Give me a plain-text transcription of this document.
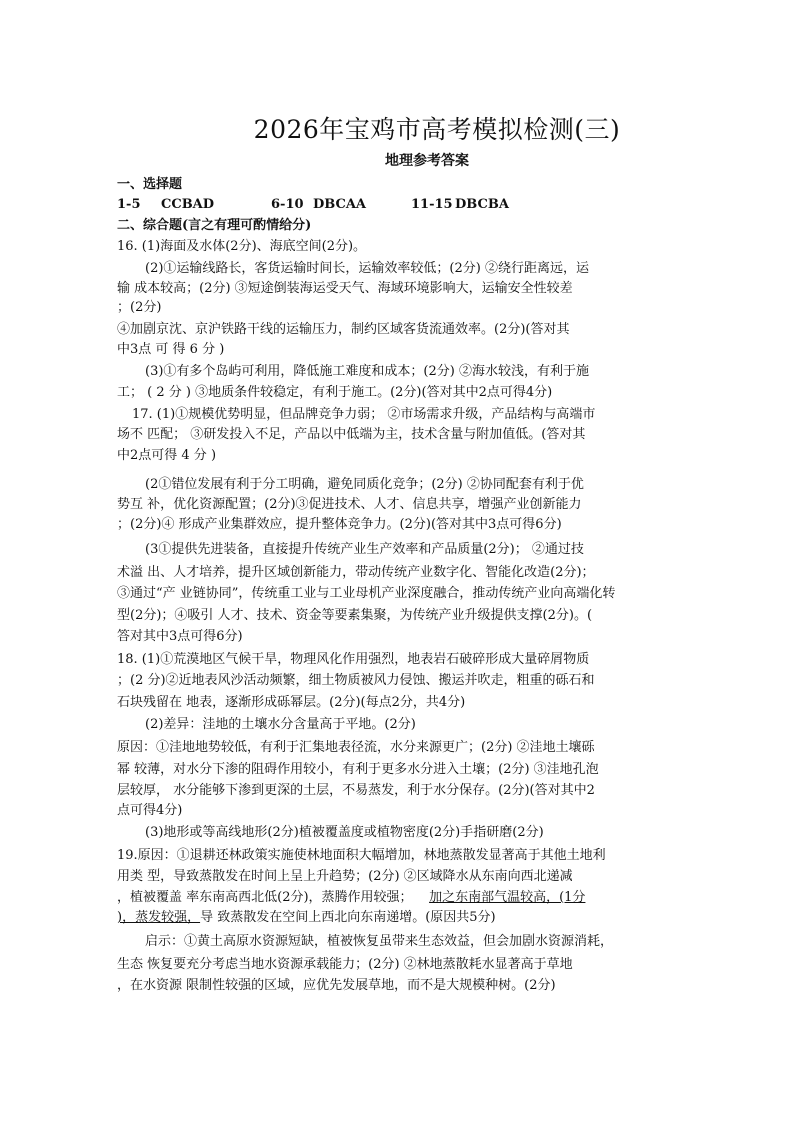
2026年宝鸡市高考模拟检测(三)
地理参考答案
一、选择题
1-5 CCBAD	6-10 DBCAA	11-15 DBCBA
二、综合题(言之有理可酌情给分)
16. (1)海面及水体(2分)、海底空间(2分)。
(2)①运输线路长，客货运输时间长，运输效率较低；(2分) ②绕行距离远，运
输 成本较高；(2分) ③短途倒装海运受天气、海域环境影响大，运输安全性较差
；(2分)
④加剧京沈、京沪铁路干线的运输压力，制约区域客货流通效率。(2分)(答对其
中3点 可 得 6 分 )
(3)①有多个岛屿可利用，降低施工难度和成本；(2分) ②海水较浅，有利于施
工； ( 2 分 ) ③地质条件较稳定，有利于施工。(2分)(答对其中2点可得4分)
17. (1)①规模优势明显，但品牌竞争力弱； ②市场需求升级，产品结构与高端市
场不 匹配； ③研发投入不足，产品以中低端为主，技术含量与附加值低。(答对其
中2点可得 4 分 )
(2①错位发展有利于分工明确，避免同质化竞争；(2分) ②协同配套有利于优
势互 补，优化资源配置；(2分)③促进技术、人才、信息共享，增强产业创新能力
；(2分)④ 形成产业集群效应，提升整体竞争力。(2分)(答对其中3点可得6分)
(3①提供先进装备，直接提升传统产业生产效率和产品质量(2分)； ②通过技
术溢 出、人才培养，提升区域创新能力，带动传统产业数字化、智能化改造(2分)；
③通过“产 业链协同”，传统重工业与工业母机产业深度融合，推动传统产业向高端化转
型(2分)；④吸引 人才、技术、资金等要素集聚，为传统产业升级提供支撑(2分)。(
答对其中3点可得6分)
18. (1)①荒漠地区气候干旱，物理风化作用强烈，地表岩石破碎形成大量碎屑物质
；(2 分)②近地表风沙活动频繁，细土物质被风力侵蚀、搬运并吹走，粗重的砾石和
石块残留在 地表，逐渐形成砾幂层。(2分)(每点2分，共4分)
(2)差异：洼地的土壤水分含量高于平地。(2分)
原因：①洼地地势较低，有利于汇集地表径流，水分来源更广；(2分) ②洼地土壤砾
幂 较薄，对水分下渗的阻碍作用较小，有利于更多水分进入土壤；(2分) ③洼地孔泡
层较厚， 水分能够下渗到更深的土层，不易蒸发，利于水分保存。(2分)(答对其中2
点可得4分)
(3)地形或等高线地形(2分)植被覆盖度或植物密度(2分)手指研磨(2分)
19.原因：①退耕还林政策实施使林地面积大幅增加，林地蒸散发显著高于其他土地利
用类 型，导致蒸散发在时间上呈上升趋势；(2分) ②区域降水从东南向西北递减
，植被覆盖 率东南高西北低(2分)，蒸腾作用较强； 加之东南部气温较高，(1分
)，蒸发较强，导 致蒸散发在空间上西北向东南递增。(原因共5分)
启示：①黄土高原水资源短缺，植被恢复虽带来生态效益，但会加剧水资源消耗，
生态 恢复要充分考虑当地水资源承载能力；(2分) ②林地蒸散耗水显著高于草地
，在水资源 限制性较强的区域，应优先发展草地，而不是大规模种树。(2分)
